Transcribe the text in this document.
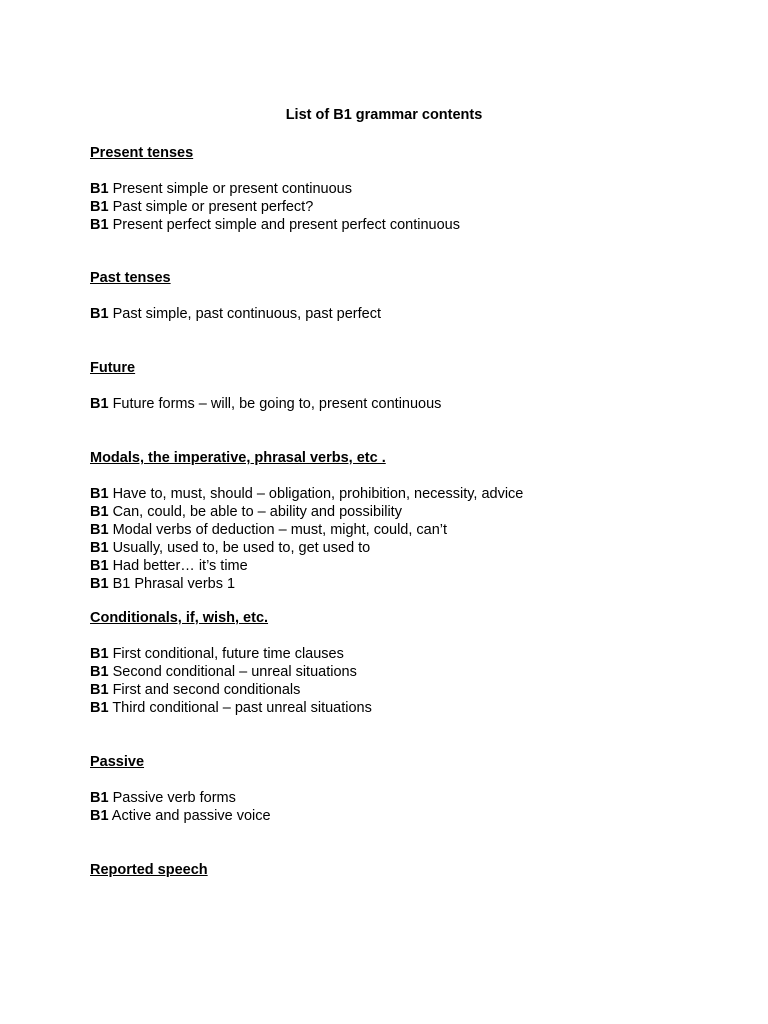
List of B1 grammar contents
Present tenses
B1 Present simple or present continuous
B1 Past simple or present perfect?
B1 Present perfect simple and present perfect continuous
Past tenses
B1 Past simple, past continuous, past perfect
Future
B1 Future forms – will, be going to, present continuous
Modals, the imperative, phrasal verbs, etc .
B1 Have to, must, should – obligation, prohibition, necessity, advice
B1 Can, could, be able to – ability and possibility
B1 Modal verbs of deduction – must, might, could, can’t
B1 Usually, used to, be used to, get used to
B1 Had better… it’s time
B1 B1 Phrasal verbs 1
Conditionals, if, wish, etc.
B1 First conditional, future time clauses
B1 Second conditional – unreal situations
B1 First and second conditionals
B1 Third conditional – past unreal situations
Passive
B1 Passive verb forms
B1 Active and passive voice
Reported speech
